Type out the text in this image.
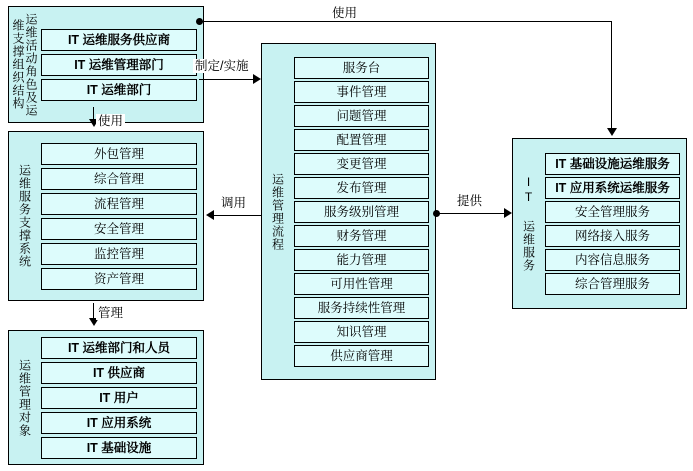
运维活动角色及运维支撑组织结构	IT 运维服务供应商
IT 运维管理部门
IT 运维部门
运维服务支撑系统
外包管理
综合管理
流程管理
安全管理
监控管理
资产管理
运维管理对象
IT 运维部门和人员
IT 供应商
IT 用户
IT 应用系统
IT 基础设施
运维管理流程
服务台
事件管理
问题管理
配置管理
变更管理
发布管理
服务级别管理
财务管理
能力管理
可用性管理
服务持续性管理
知识管理
供应商管理
IT 运维服务
IT 基础设施运维服务
IT 应用系统运维服务
安全管理服务
网络接入服务
内容信息服务
综合管理服务
使用
制定/实施
使用
调用
管理
提供
